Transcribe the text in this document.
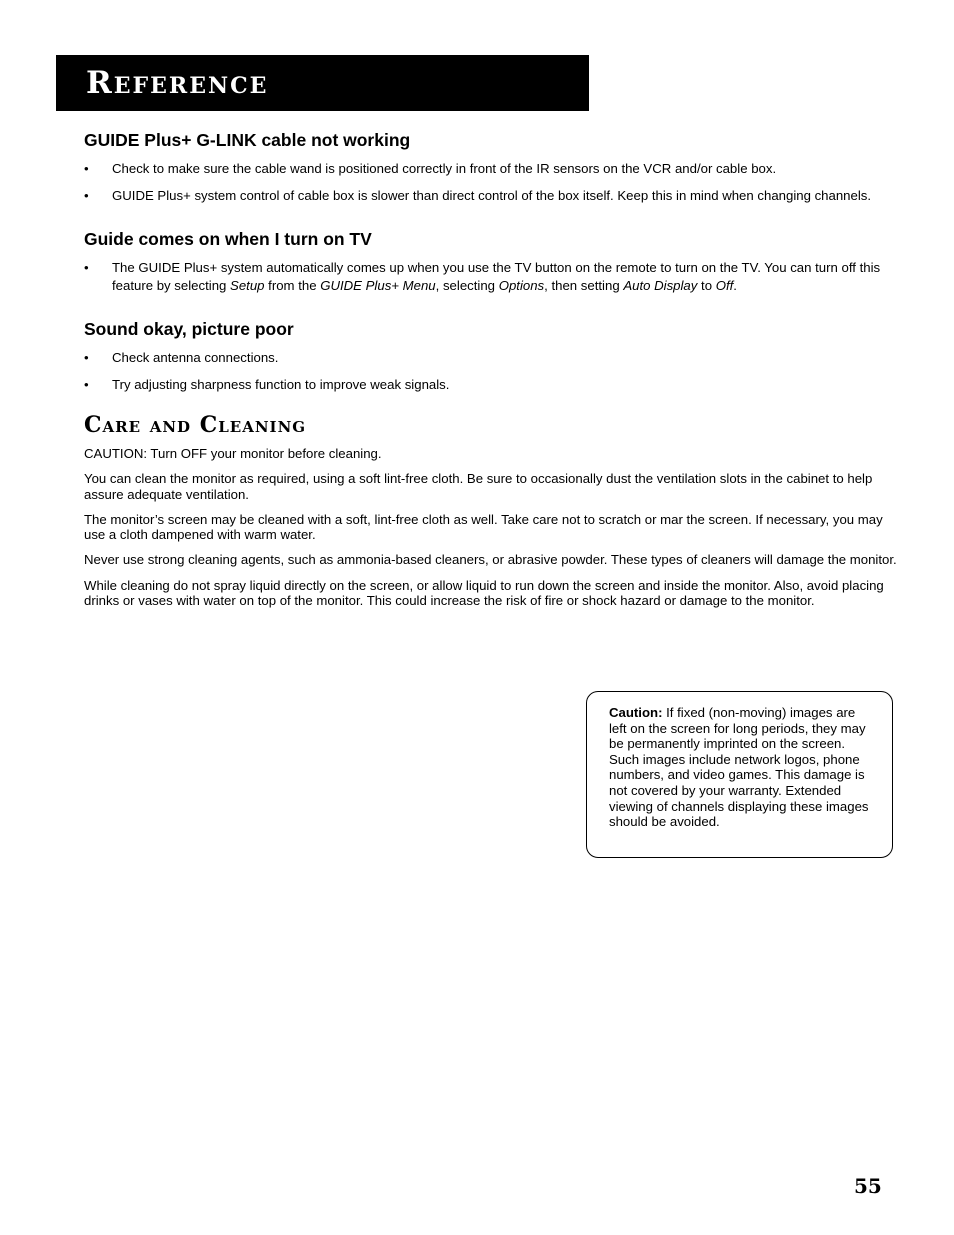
Reference
GUIDE Plus+ G-LINK cable not working
• Check to make sure the cable wand is positioned correctly in front of the IR sensors on the VCR and/or cable box.
• GUIDE Plus+ system control of cable box is slower than direct control of the box itself. Keep this in mind when changing channels.
Guide comes on when I turn on TV
• The GUIDE Plus+ system automatically comes up when you use the TV button on the remote to turn on the TV. You can turn off this feature by selecting Setup from the GUIDE Plus+ Menu, selecting Options, then setting Auto Display to Off.
Sound okay, picture poor
• Check antenna connections.
• Try adjusting sharpness function to improve weak signals.
Care and Cleaning

CAUTION: Turn OFF your monitor before cleaning.

You can clean the monitor as required, using a soft lint-free cloth. Be sure to occasionally dust the ventilation slots in the cabinet to help assure adequate ventilation.

The monitor’s screen may be cleaned with a soft, lint-free cloth as well. Take care not to scratch or mar the screen. If necessary, you may use a cloth dampened with warm water.

Never use strong cleaning agents, such as ammonia-based cleaners, or abrasive powder. These types of cleaners will damage the monitor.

While cleaning do not spray liquid directly on the screen, or allow liquid to run down the screen and inside the monitor. Also, avoid placing drinks or vases with water on top of the monitor. This could increase the risk of fire or shock hazard or damage to the monitor.

Caution: If fixed (non-moving) images are left on the screen for long periods, they may be permanently imprinted on the screen. Such images include network logos, phone numbers, and video games. This damage is not covered by your warranty. Extended viewing of channels displaying these images should be avoided.
55
